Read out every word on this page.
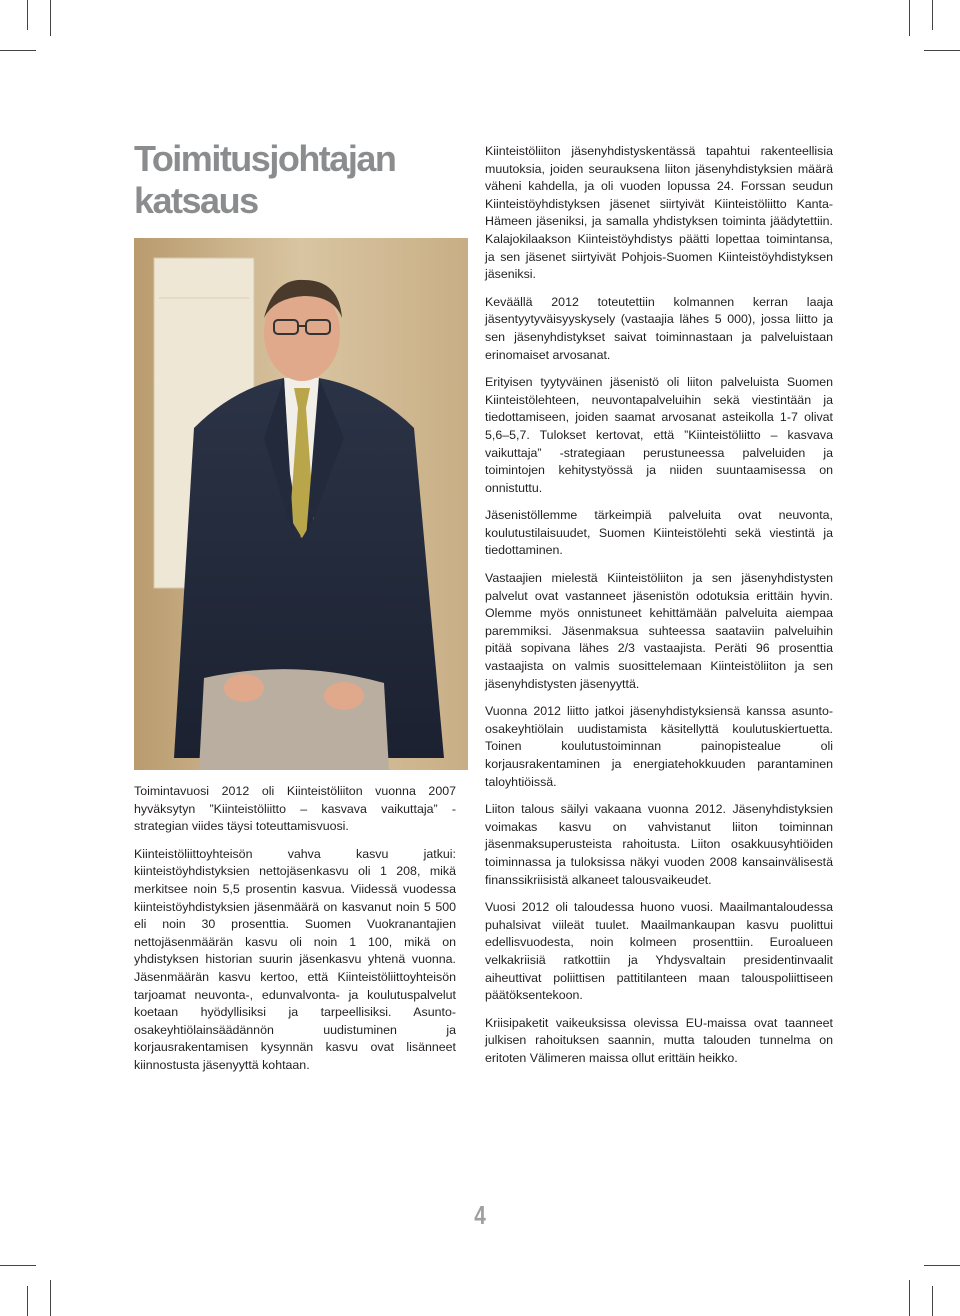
Toimitusjohtajan
katsaus

Toimintavuosi 2012 oli Kiinteistöliiton vuonna 2007 hyväksytyn ”Kiinteistöliitto – kasvava vaikuttaja” -strategian viides täysi toteuttamisvuosi.

Kiinteistöliittoyhteisön vahva kasvu jatkui: kiinteistöyhdistyksien nettojäsenkasvu oli 1 208, mikä merkitsee noin 5,5 prosentin kasvua. Viidessä vuodessa kiinteistöyhdistyksien jäsenmäärä on kasvanut noin 5 500 eli noin 30 prosenttia. Suomen Vuokranantajien nettojäsenmäärän kasvu oli noin 1 100, mikä on yhdistyksen historian suurin jäsenkasvu yhtenä vuonna. Jäsenmäärän kasvu kertoo, että Kiinteistöliittoyhteisön tarjoamat neuvonta-, edunvalvonta- ja koulutuspalvelut koetaan hyödyllisiksi ja tarpeellisiksi. Asunto-osakeyhtiölainsäädännön uudistuminen ja korjausrakentamisen kysynnän kasvu ovat lisänneet kiinnostusta jäsenyyttä kohtaan.

Kiinteistöliiton jäsenyhdistyskentässä tapahtui rakenteellisia muutoksia, joiden seurauksena liiton jäsenyhdistyksien määrä väheni kahdella, ja oli vuoden lopussa 24. Forssan seudun Kiinteistöyhdistyksen jäsenet siirtyivät Kiinteistöliitto Kanta-Hämeen jäseniksi, ja samalla yhdistyksen toiminta jäädytettiin. Kalajokilaakson Kiinteistöyhdistys päätti lopettaa toimintansa, ja sen jäsenet siirtyivät Pohjois-Suomen Kiinteistöyhdistyksen jäseniksi.

Keväällä 2012 toteutettiin kolmannen kerran laaja jäsentyytyväisyyskysely (vastaajia lähes 5 000), jossa liitto ja sen jäsenyhdistykset saivat toiminnastaan ja palveluistaan erinomaiset arvosanat.

Erityisen tyytyväinen jäsenistö oli liiton palveluista Suomen Kiinteistölehteen, neuvontapalveluihin sekä viestintään ja tiedottamiseen, joiden saamat arvosanat asteikolla 1-7 olivat 5,6–5,7. Tulokset kertovat, että ”Kiinteistöliitto – kasvava vaikuttaja” -strategiaan perustuneessa palveluiden ja toimintojen kehitystyössä ja niiden suuntaamisessa on onnistuttu.

Jäsenistöllemme tärkeimpiä palveluita ovat neuvonta, koulutustilaisuudet, Suomen Kiinteistölehti sekä viestintä ja tiedottaminen.

Vastaajien mielestä Kiinteistöliiton ja sen jäsenyhdistysten palvelut ovat vastanneet jäsenistön odotuksia erittäin hyvin. Olemme myös onnistuneet kehittämään palveluita aiempaa paremmiksi. Jäsenmaksua suhteessa saataviin palveluihin pitää sopivana lähes 2/3 vastaajista. Peräti 96 prosenttia vastaajista on valmis suosittelemaan Kiinteistöliiton ja sen jäsenyhdistysten jäsenyyttä.

Vuonna 2012 liitto jatkoi jäsenyhdistyksiensä kanssa asunto-osakeyhtiölain uudistamista käsitellyttä koulutuskiertuetta. Toinen koulutustoiminnan painopistealue oli korjausrakentaminen ja energiatehokkuuden parantaminen taloyhtiöissä.

Liiton talous säilyi vakaana vuonna 2012. Jäsenyhdistyksien voimakas kasvu on vahvistanut liiton toiminnan jäsenmaksuperusteista rahoitusta. Liiton osakkuusyhtiöiden toiminnassa ja tuloksissa näkyi vuoden 2008 kansainvälisestä finanssikriisistä alkaneet talousvaikeudet.

Vuosi 2012 oli taloudessa huono vuosi. Maailmantaloudessa puhalsivat viileät tuulet. Maailmankaupan kasvu puolittui edellisvuodesta, noin kolmeen prosenttiin. Euroalueen velkakriisiä ratkottiin ja Yhdysvaltain presidentinvaalit aiheuttivat poliittisen pattitilanteen maan talouspoliittiseen päätöksentekoon.

Kriisipaketit vaikeuksissa olevissa EU-maissa ovat taanneet julkisen rahoituksen saannin, mutta talouden tunnelma on eritoten Välimeren maissa ollut erittäin heikko.

4
